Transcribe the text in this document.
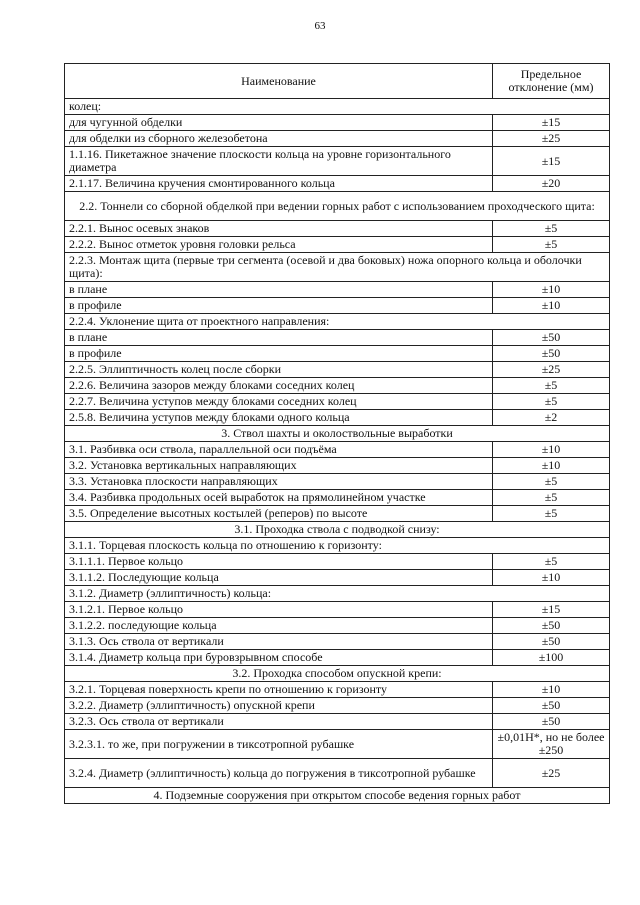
63
Наименование	Предельное отклонение (мм)
колец:	
для чугунной обделки	±15
для обделки из сборного железобетона	±25
1.1.16. Пикетажное значение плоскости кольца на уровне горизонтального диаметра	±15
2.1.17. Величина кручения смонтированного кольца	±20
2.2. Тоннели со сборной обделкой при ведении горных работ с использованием проходческого щита:	
2.2.1. Вынос осевых знаков	±5
2.2.2. Вынос отметок уровня головки рельса	±5
2.2.3. Монтаж щита (первые три сегмента (осевой и два боковых) ножа опорного кольца и оболочки щита):	
в плане	±10
в профиле	±10
2.2.4. Уклонение щита от проектного направления:	
в плане	±50
в профиле	±50
2.2.5. Эллиптичность колец после сборки	±25
2.2.6. Величина зазоров между блоками соседних колец	±5
2.2.7. Величина уступов между блоками соседних колец	±5
2.5.8. Величина уступов между блоками одного кольца	±2
3. Ствол шахты и околоствольные выработки	
3.1. Разбивка оси ствола, параллельной оси подъёма	±10
3.2. Установка вертикальных направляющих	±10
3.3. Установка плоскости направляющих	±5
3.4. Разбивка продольных осей выработок на прямолинейном участке	±5
3.5. Определение высотных костылей (реперов) по высоте	±5
3.1. Проходка ствола с подводкой снизу:	
3.1.1. Торцевая плоскость кольца по отношению к горизонту:	
3.1.1.1. Первое кольцо	±5
3.1.1.2. Последующие кольца	±10
3.1.2. Диаметр (эллиптичность) кольца:	
3.1.2.1. Первое кольцо	±15
3.1.2.2. последующие кольца	±50
3.1.3. Ось ствола от вертикали	±50
3.1.4. Диаметр кольца при буровзрывном способе	±100
3.2. Проходка способом опускной крепи:	
3.2.1. Торцевая поверхность крепи по отношению к горизонту	±10
3.2.2. Диаметр (эллиптичность) опускной крепи	±50
3.2.3. Ось ствола от вертикали	±50
3.2.3.1. то же, при погружении в тиксотропной рубашке	±0,01H*, но не более ±250
3.2.4. Диаметр (эллиптичность) кольца до погружения в тиксотропной рубашке	±25
4. Подземные сооружения при открытом способе ведения горных работ	
